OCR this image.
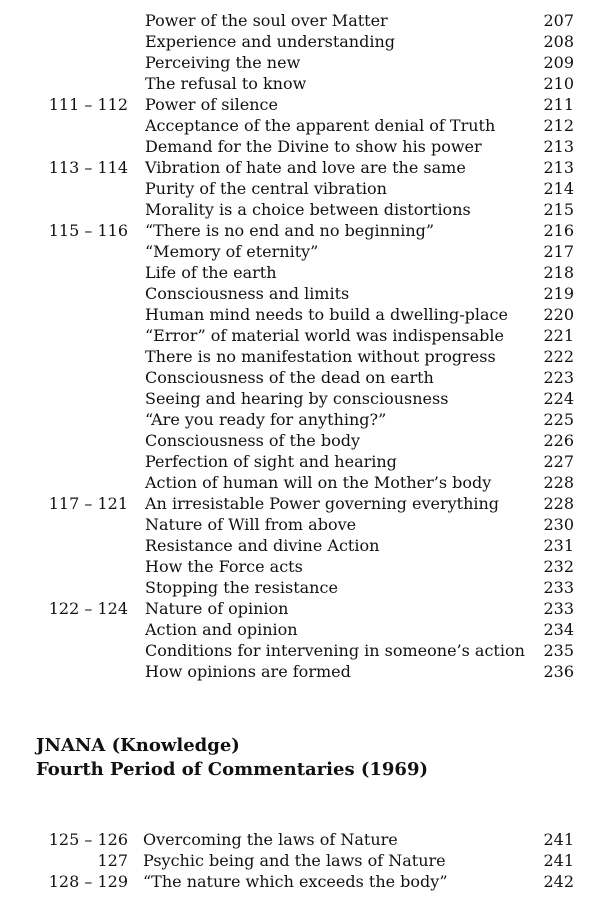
Power of the soul over Matter	207
Experience and understanding	208
Perceiving the new	209
The refusal to know	210
111 – 112 Power of silence	211
Acceptance of the apparent denial of Truth	212
Demand for the Divine to show his power	213
113 – 114 Vibration of hate and love are the same	213
Purity of the central vibration	214
Morality is a choice between distortions	215
115 – 116 “There is no end and no beginning”	216
“Memory of eternity”	217
Life of the earth	218
Consciousness and limits	219
Human mind needs to build a dwelling-place 220
“Error” of material world was indispensable 221
There is no manifestation without progress	222
Consciousness of the dead on earth	223
Seeing and hearing by consciousness	224
“Are you ready for anything?”	225
Consciousness of the body	226
Perfection of sight and hearing	227
Action of human will on the Mother’s body	228
117 – 121 An irresistable Power governing everything	228
Nature of Will from above	230
Resistance and divine Action	231
How the Force acts	232
Stopping the resistance	233
122 – 124 Nature of opinion	233
Action and opinion	234
Conditions for intervening in someone’s action 235
How opinions are formed	236
JNANA (Knowledge)
Fourth Period of Commentaries (1969)
125 – 126 Overcoming the laws of Nature	241
127 Psychic being and the laws of Nature	241
128 – 129 “The nature which exceeds the body”	242
